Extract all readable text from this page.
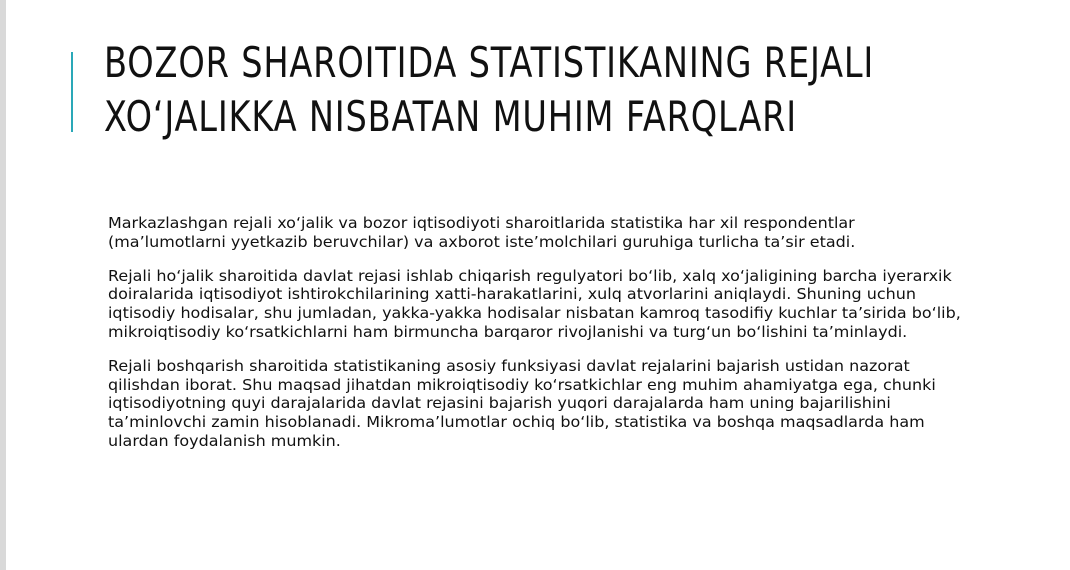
BOZOR SHAROITIDA STATISTIKANING REJALI
XO‘JALIKKA NISBATAN MUHIM FARQLARI

Markazlashgan rejali xo‘jalik va bozor iqtisodiyoti sharoitlarida statistika har xil respondentlar (ma’lumotlarni yyetkazib beruvchilar) va axborot iste’molchilari guruhiga turlicha ta’sir etadi.

Rejali ho‘jalik sharoitida davlat rejasi ishlab chiqarish regulyatori bo‘lib, xalq xo‘jaligining barcha iyerarxik doiralarida iqtisodiyot ishtirokchilarining xatti-harakatlarini, xulq atvorlarini aniqlaydi. Shuning uchun iqtisodiy hodisalar, shu jumladan, yakka-yakka hodisalar nisbatan kamroq tasodifiy kuchlar ta’sirida bo‘lib, mikroiqtisodiy ko‘rsatkichlarni ham birmuncha barqaror rivojlanishi va turg‘un bo‘lishini ta’minlaydi.

Rejali boshqarish sharoitida statistikaning asosiy funksiyasi davlat rejalarini bajarish ustidan nazorat qilishdan iborat. Shu maqsad jihatdan mikroiqtisodiy ko‘rsatkichlar eng muhim ahamiyatga ega, chunki iqtisodiyotning quyi darajalarida davlat rejasini bajarish yuqori darajalarda ham uning bajarilishini ta’minlovchi zamin hisoblanadi. Mikroma’lumotlar ochiq bo‘lib, statistika va boshqa maqsadlarda ham ulardan foydalanish mumkin.
